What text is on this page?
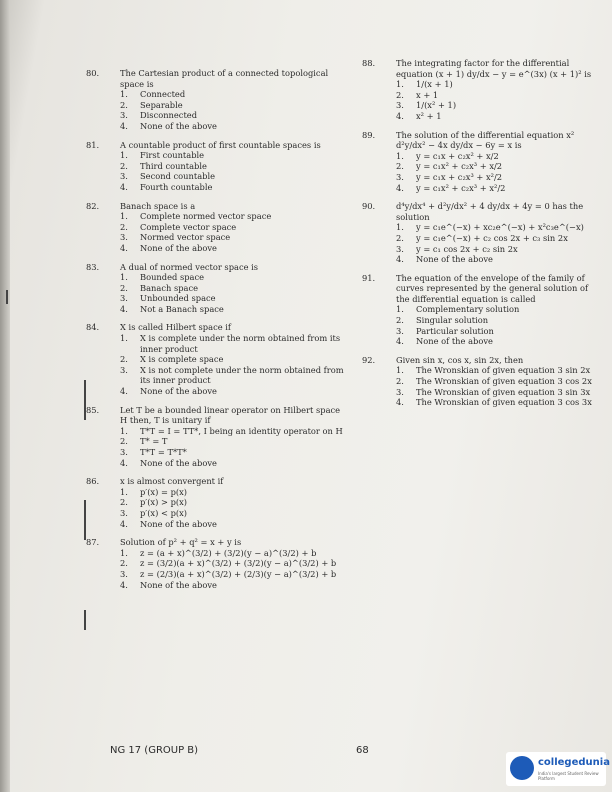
80.	The Cartesian product of a connected topological space is
1. Connected
2. Separable
3. Disconnected
4. None of the above
81.	A countable product of first countable spaces is
1. First countable
2. Third countable
3. Second countable
4. Fourth countable
82.	Banach space is a
1. Complete normed vector space
2. Complete vector space
3. Normed vector space
4. None of the above
83.	A dual of normed vector space is
1. Bounded space
2. Banach space
3. Unbounded space
4. Not a Banach space
84.	X is called Hilbert space if
1. X is complete under the norm obtained from its inner product
2. X is complete space
3. X is not complete under the norm obtained from its inner product
4. None of the above
85.	Let T be a bounded linear operator on Hilbert space H then, T is unitary if
1. T*T = I = TT*, I being an identity operator on H
2. T* = T
3. T*T = T*T*
4. None of the above
86.	x is almost convergent if
1. p′(x) = p(x)
2. p′(x) > p(x)
3. p′(x) < p(x)
4. None of the above
87.	Solution of p² + q² = x + y is
1. z = (a + x)^(3/2) + (3/2)(y − a)^(3/2) + b
2. z = (3/2)(a + x)^(3/2) + (3/2)(y − a)^(3/2) + b
3. z = (2/3)(a + x)^(3/2) + (2/3)(y − a)^(3/2) + b
4. None of the above
88.	The integrating factor for the differential equation (x + 1) dy/dx − y = e^(3x) (x + 1)² is
1. 1/(x + 1)
2. x + 1
3. 1/(x² + 1)
4. x² + 1
89.	The solution of the differential equation x² d²y/dx² − 4x dy/dx − 6y = x is
1. y = c₁x + c₂x² + x/2
2. y = c₁x² + c₂x³ + x/2
3. y = c₁x + c₂x³ + x²/2
4. y = c₁x² + c₂x³ + x²/2
90.	d⁴y/dx⁴ + d²y/dx² + 4 dy/dx + 4y = 0 has the solution
1. y = c₁e^(−x) + xc₂e^(−x) + x²c₃e^(−x)
2. y = c₁e^(−x) + c₂ cos 2x + c₃ sin 2x
3. y = c₁ cos 2x + c₂ sin 2x
4. None of the above
91.	The equation of the envelope of the family of curves represented by the general solution of the differential equation is called
1. Complementary solution
2. Singular solution
3. Particular solution
4. None of the above
92.	Given sin x, cos x, sin 2x, then
1. The Wronskian of given equation 3 sin 2x
2. The Wronskian of given equation 3 cos 2x
3. The Wronskian of given equation 3 sin 3x
4. The Wronskian of given equation 3 cos 3x
NG 17 (GROUP B)	68
collegedunia
India's largest Student Review Platform
